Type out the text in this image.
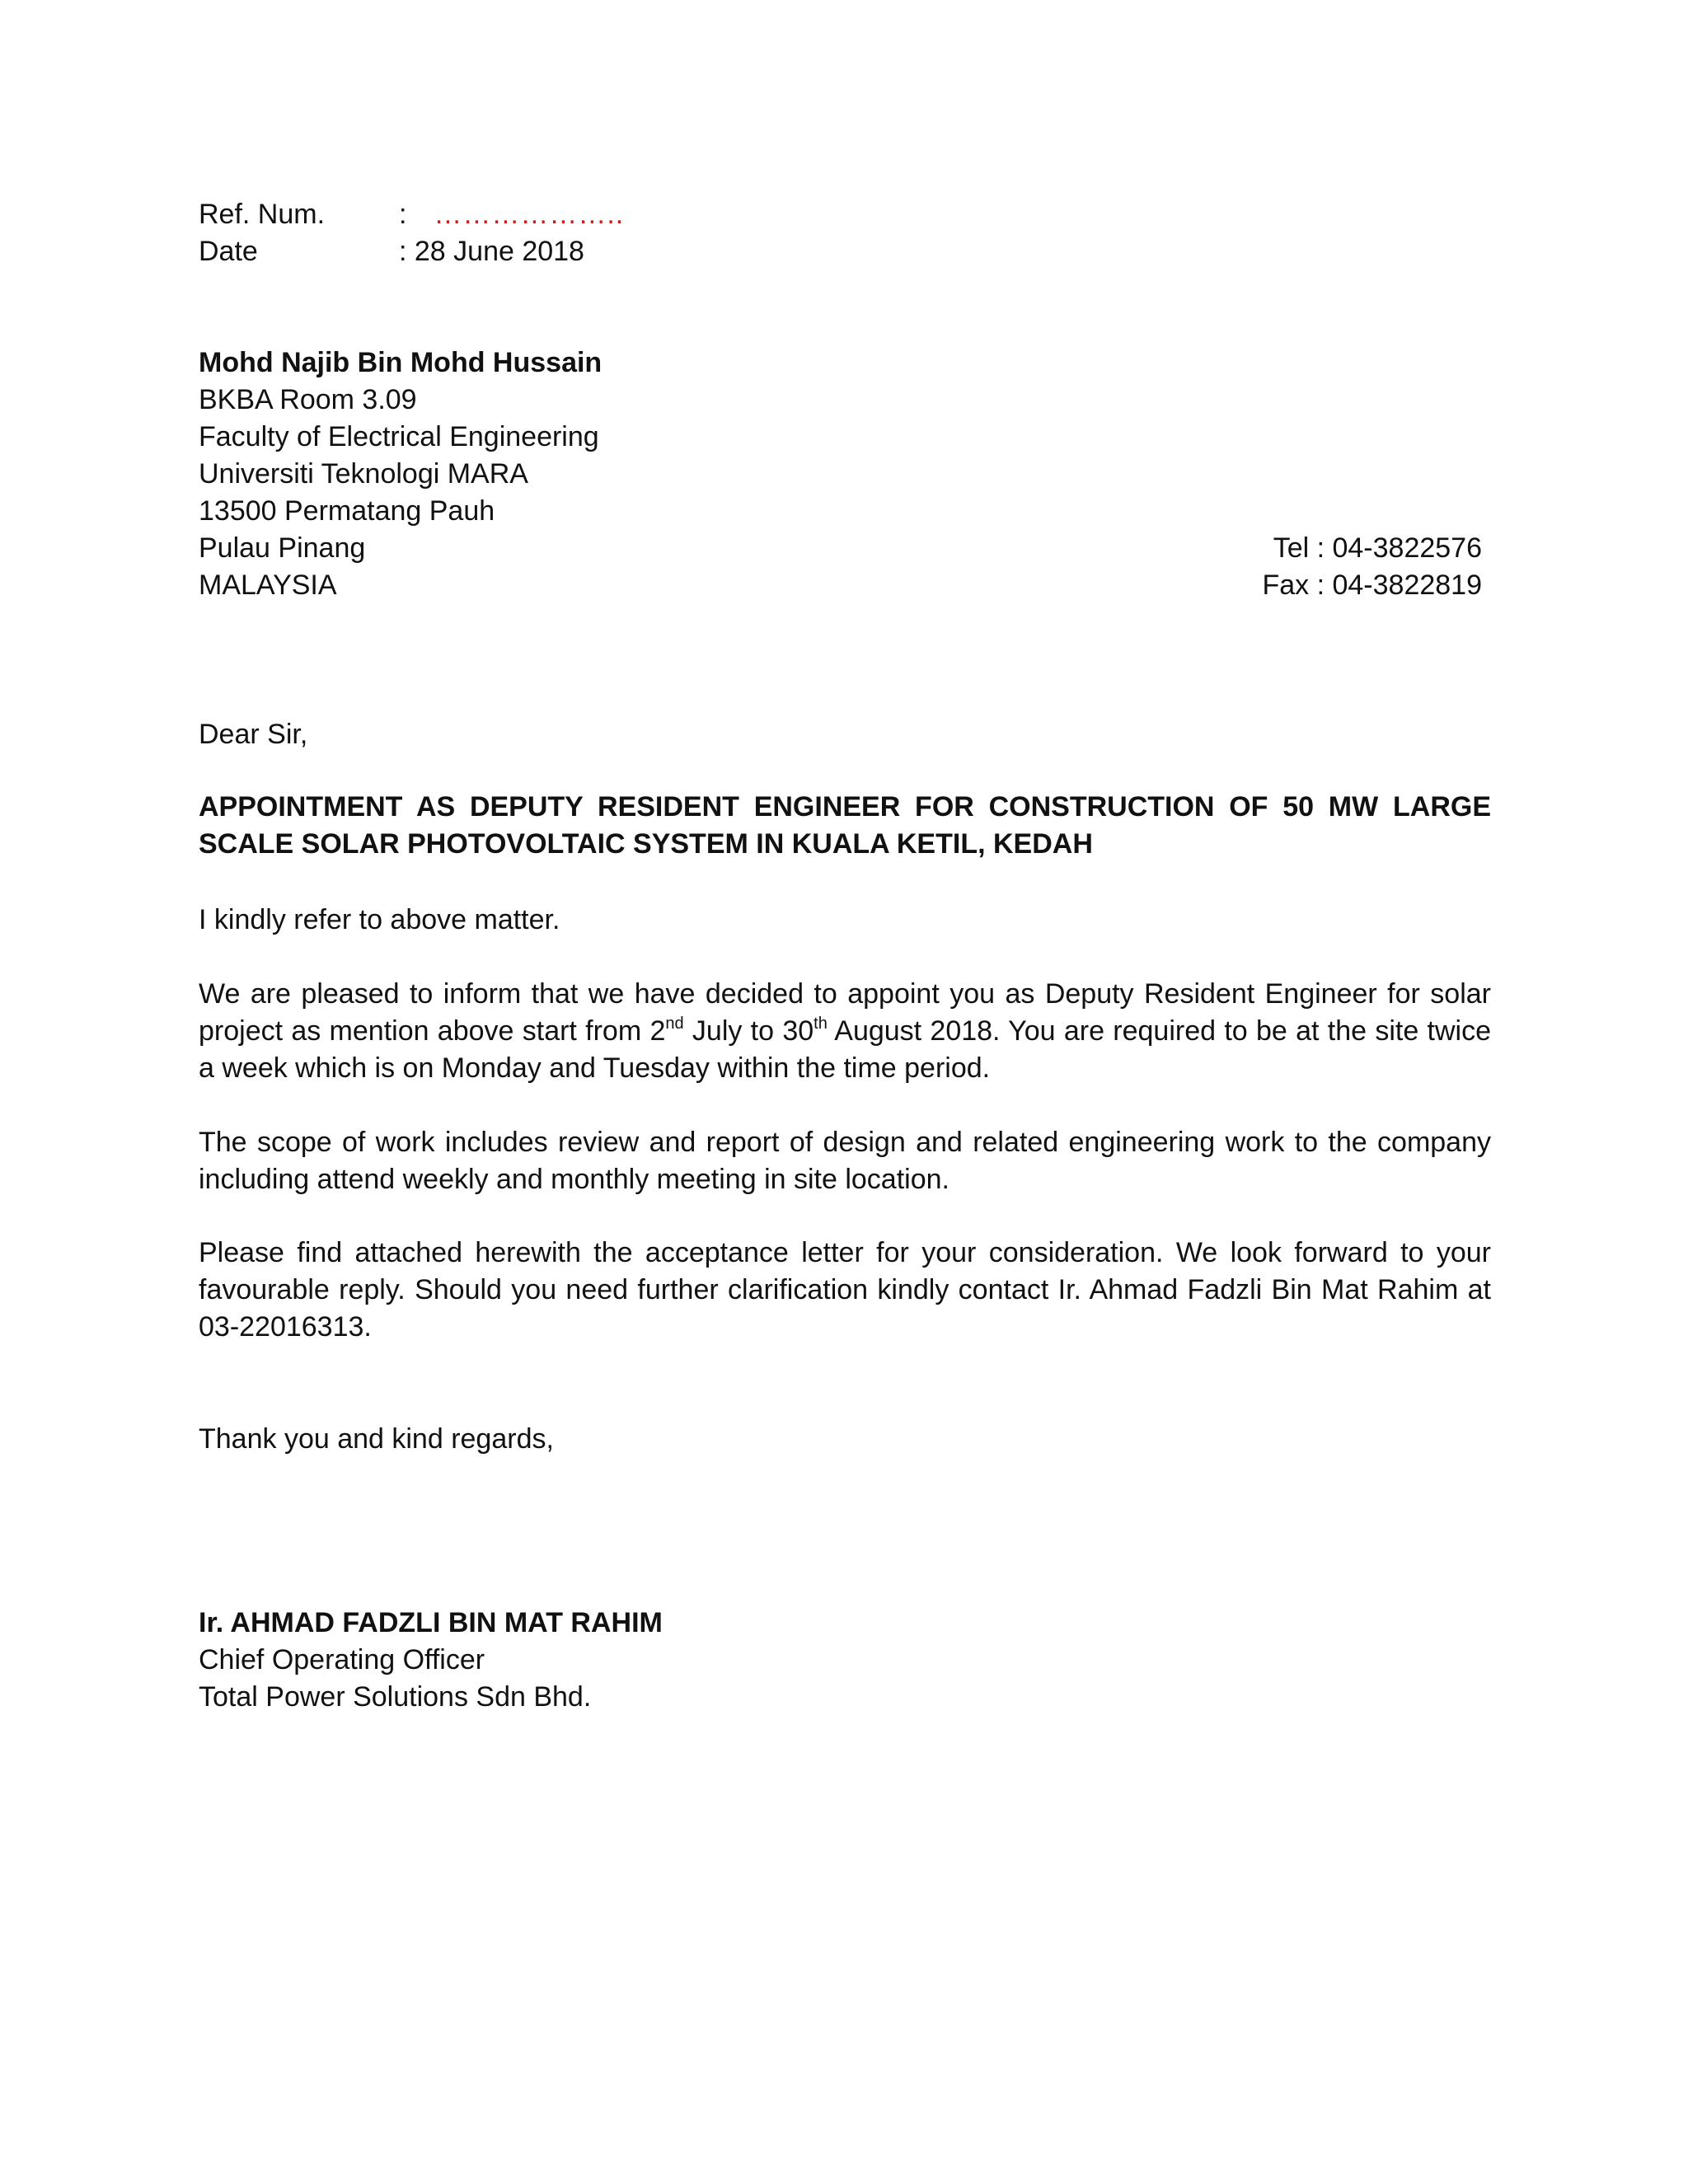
Ref. Num.	: ………………..
Date	: 28 June 2018
Mohd Najib Bin Mohd Hussain
BKBA Room 3.09
Faculty of Electrical Engineering
Universiti Teknologi MARA
13500 Permatang Pauh
Pulau Pinang
MALAYSIA
Tel : 04-3822576
Fax : 04-3822819
Dear Sir,

APPOINTMENT AS DEPUTY RESIDENT ENGINEER FOR CONSTRUCTION OF 50 MW LARGE SCALE SOLAR PHOTOVOLTAIC SYSTEM IN KUALA KETIL, KEDAH

I kindly refer to above matter.

We are pleased to inform that we have decided to appoint you as Deputy Resident Engineer for solar project as mention above start from 2nd July to 30th August 2018. You are required to be at the site twice a week which is on Monday and Tuesday within the time period.

The scope of work includes review and report of design and related engineering work to the company including attend weekly and monthly meeting in site location.

Please find attached herewith the acceptance letter for your consideration. We look forward to your favourable reply. Should you need further clarification kindly contact Ir. Ahmad Fadzli Bin Mat Rahim at 03-22016313.

Thank you and kind regards,
Ir. AHMAD FADZLI BIN MAT RAHIM
Chief Operating Officer
Total Power Solutions Sdn Bhd.
